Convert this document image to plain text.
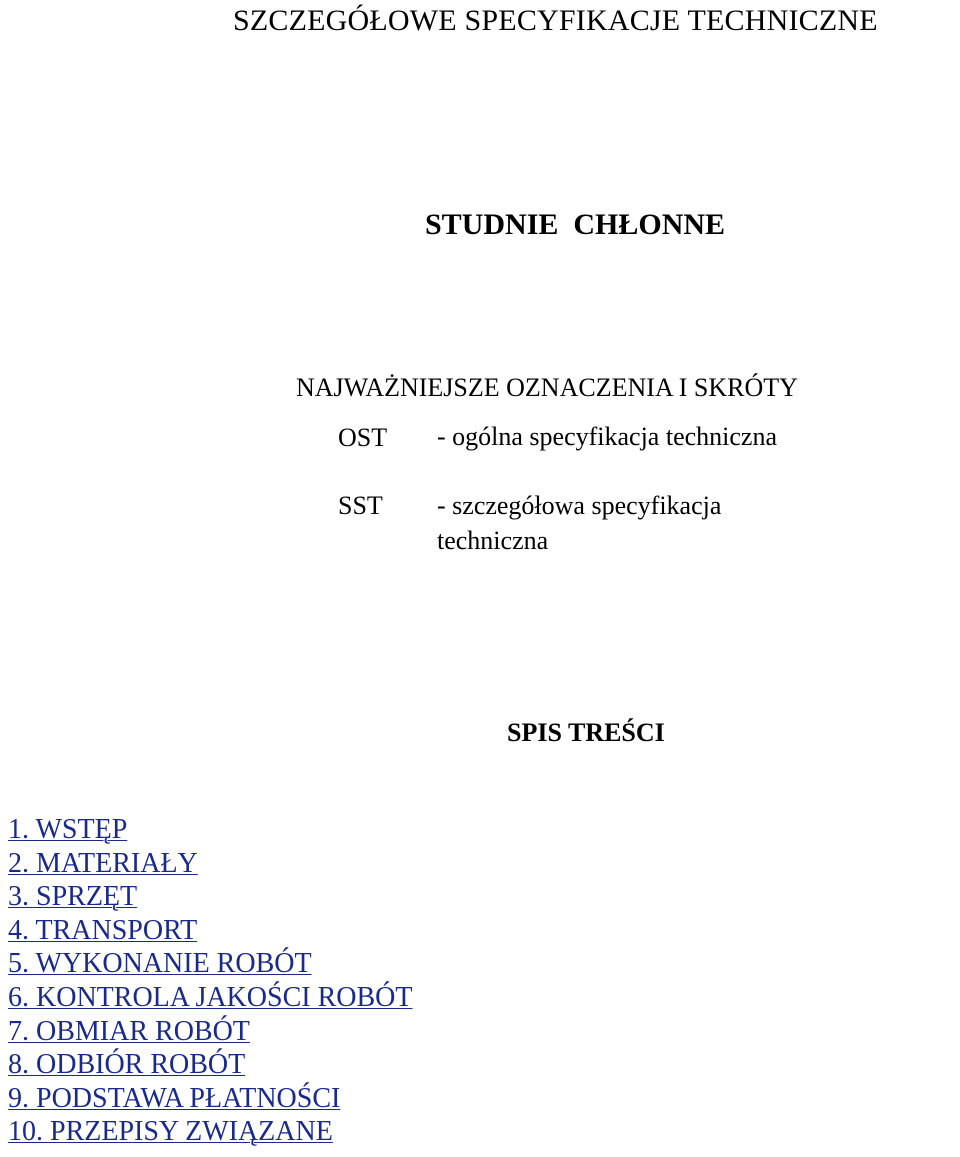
SZCZEGÓŁOWE SPECYFIKACJE TECHNICZNE
STUDNIE  CHŁONNE
NAJWAŻNIEJSZE OZNACZENIA I SKRÓTY
OST - ogólna specyfikacja techniczna
SST - szczegółowa specyfikacja techniczna
SPIS TREŚCI
1. WSTĘP
2. MATERIAŁY
3. SPRZĘT
4. TRANSPORT
5. WYKONANIE ROBÓT
6. KONTROLA JAKOŚCI ROBÓT
7. OBMIAR ROBÓT
8. ODBIÓR ROBÓT
9. PODSTAWA PŁATNOŚCI
10. PRZEPISY ZWIĄZANE
